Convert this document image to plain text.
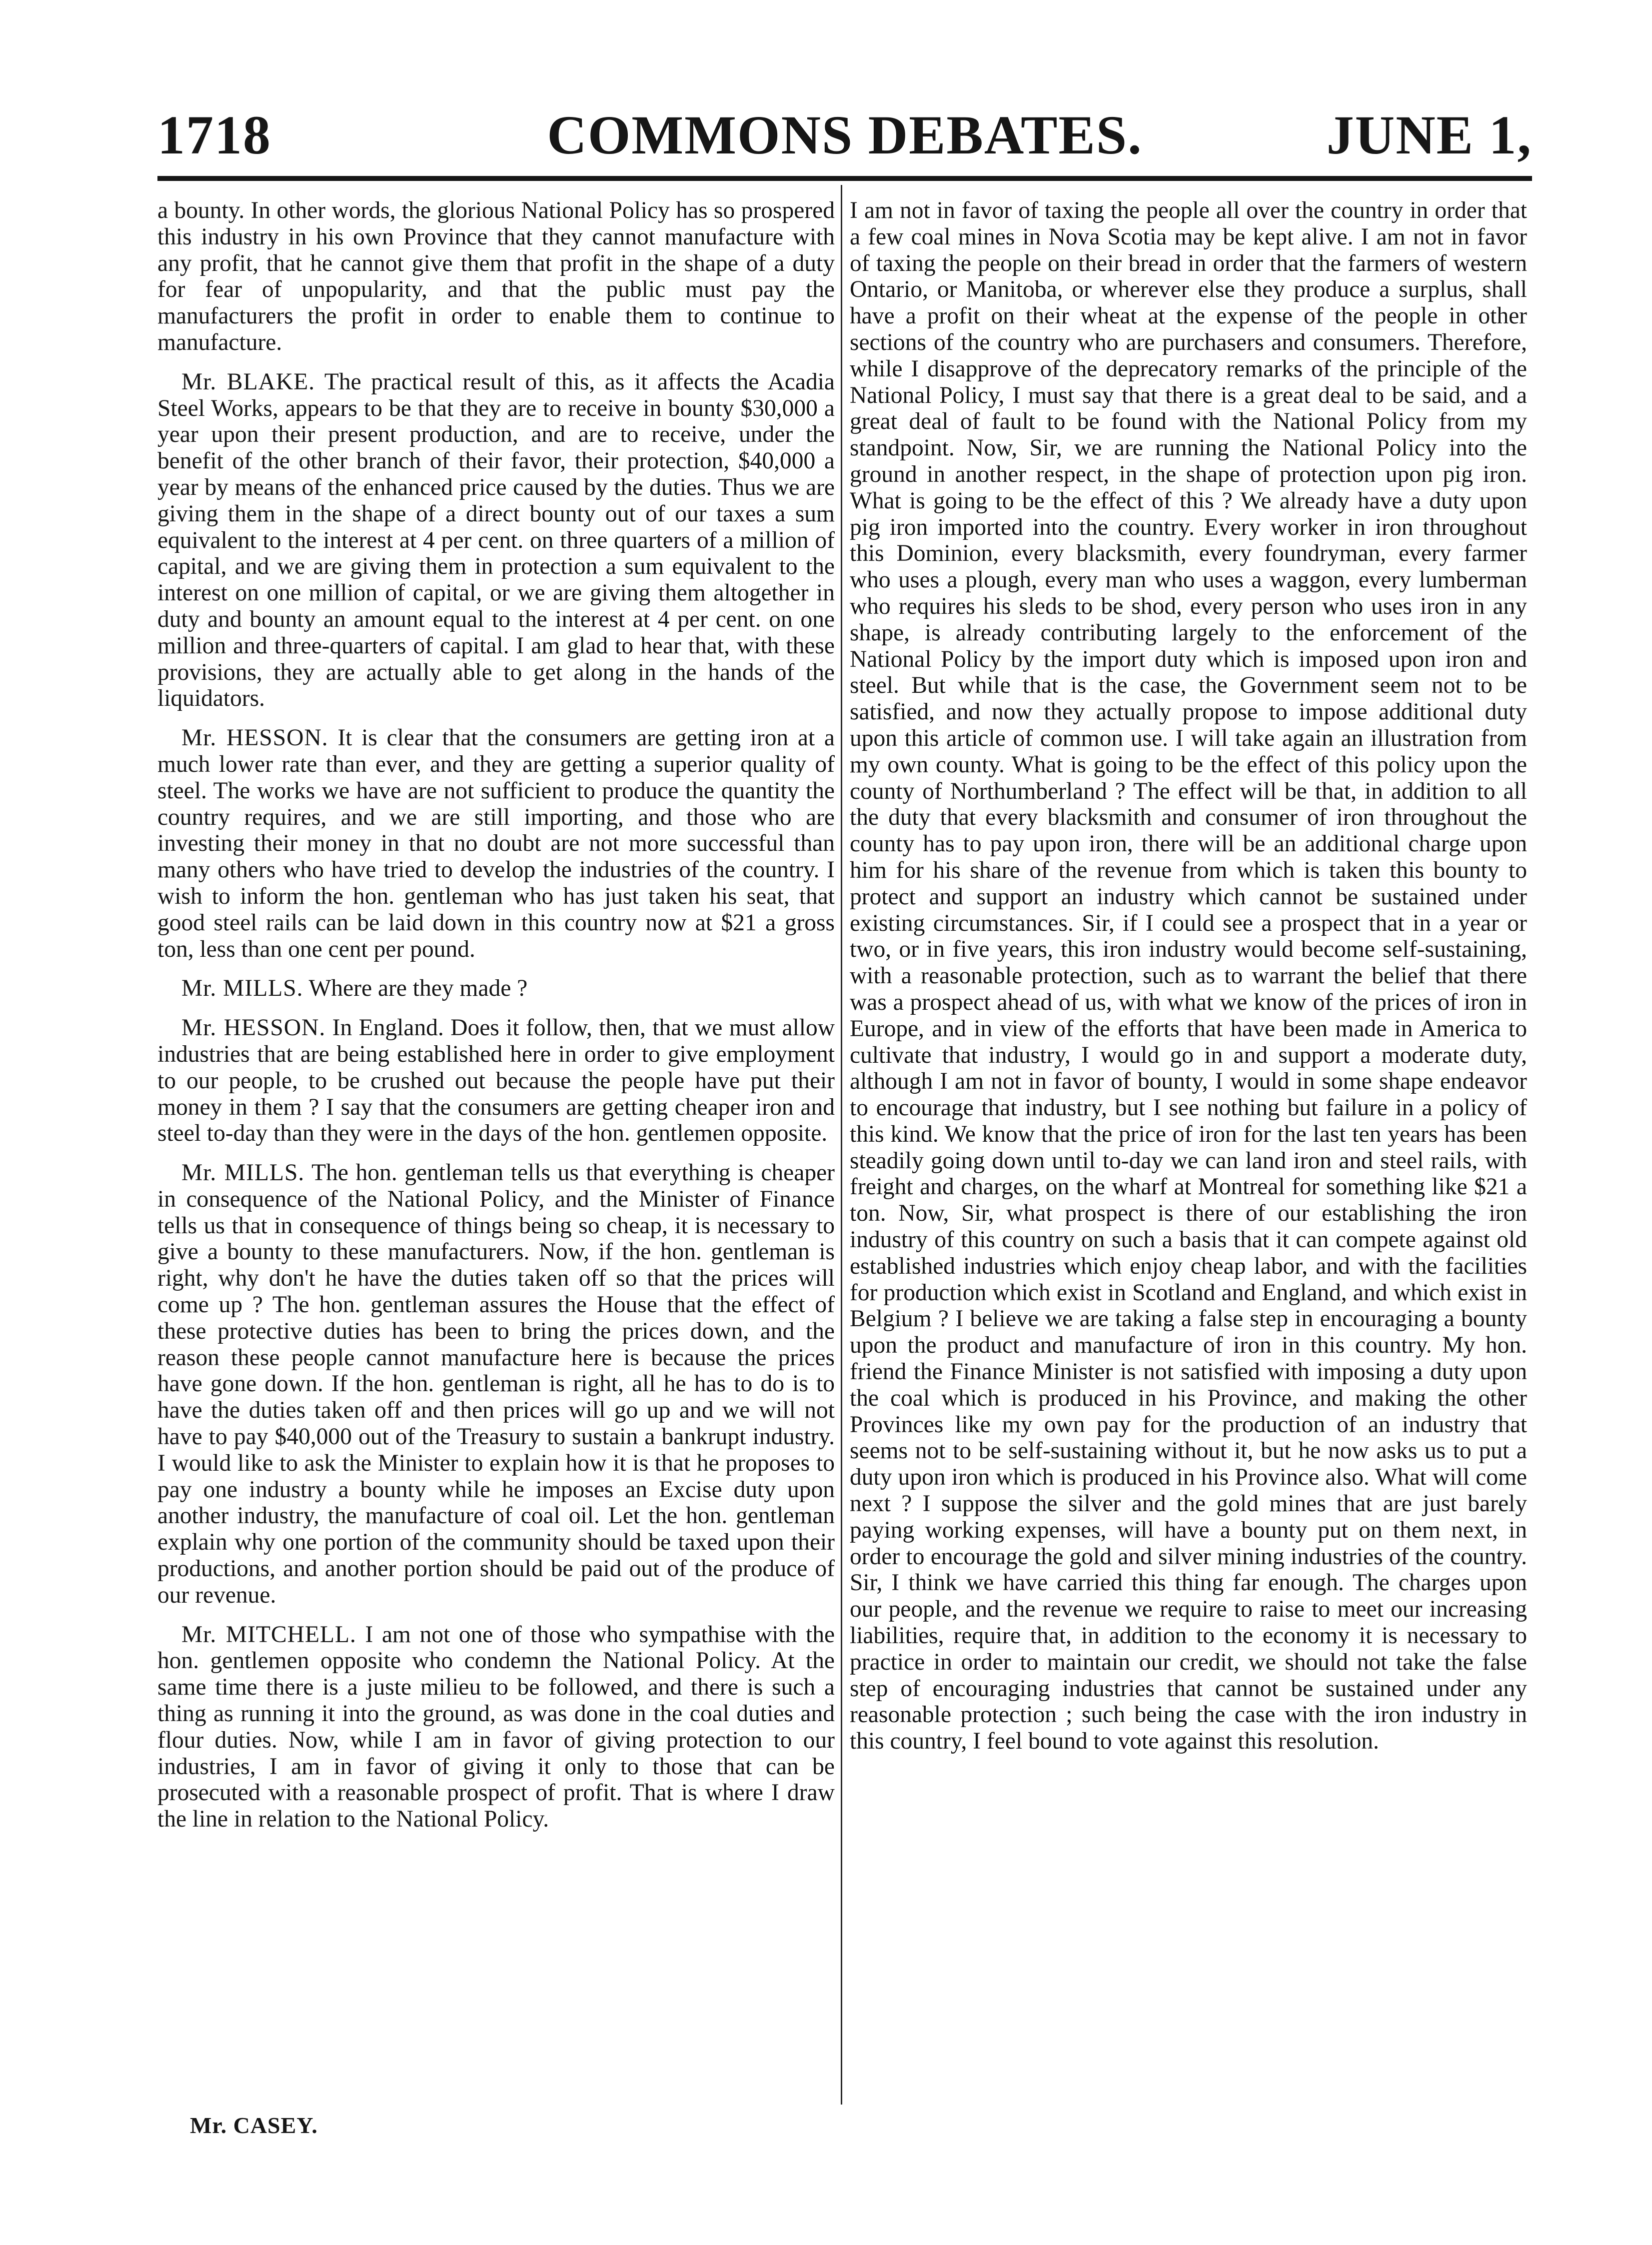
1718	COMMONS DEBATES.	JUNE 1,

a bounty. In other words, the glorious National Policy has so prospered this industry in his own Province that they cannot manufacture with any profit, that he cannot give them that profit in the shape of a duty for fear of unpopularity, and that the public must pay the manufacturers the profit in order to enable them to continue to manufacture.

Mr. BLAKE. The practical result of this, as it affects the Acadia Steel Works, appears to be that they are to receive in bounty $30,000 a year upon their present production, and are to receive, under the benefit of the other branch of their favor, their protection, $40,000 a year by means of the enhanced price caused by the duties. Thus we are giving them in the shape of a direct bounty out of our taxes a sum equivalent to the interest at 4 per cent. on three quarters of a million of capital, and we are giving them in protection a sum equivalent to the interest on one million of capital, or we are giving them altogether in duty and bounty an amount equal to the interest at 4 per cent. on one million and three-quarters of capital. I am glad to hear that, with these provisions, they are actually able to get along in the hands of the liquidators.

Mr. HESSON. It is clear that the consumers are getting iron at a much lower rate than ever, and they are getting a superior quality of steel. The works we have are not sufficient to produce the quantity the country requires, and we are still importing, and those who are investing their money in that no doubt are not more successful than many others who have tried to develop the industries of the country. I wish to inform the hon. gentleman who has just taken his seat, that good steel rails can be laid down in this country now at $21 a gross ton, less than one cent per pound.

Mr. MILLS. Where are they made ?

Mr. HESSON. In England. Does it follow, then, that we must allow industries that are being established here in order to give employment to our people, to be crushed out because the people have put their money in them ? I say that the consumers are getting cheaper iron and steel to-day than they were in the days of the hon. gentlemen opposite.

Mr. MILLS. The hon. gentleman tells us that everything is cheaper in consequence of the National Policy, and the Minister of Finance tells us that in consequence of things being so cheap, it is necessary to give a bounty to these manufacturers. Now, if the hon. gentleman is right, why don't he have the duties taken off so that the prices will come up ? The hon. gentleman assures the House that the effect of these protective duties has been to bring the prices down, and the reason these people cannot manufacture here is because the prices have gone down. If the hon. gentleman is right, all he has to do is to have the duties taken off and then prices will go up and we will not have to pay $40,000 out of the Treasury to sustain a bankrupt industry. I would like to ask the Minister to explain how it is that he proposes to pay one industry a bounty while he imposes an Excise duty upon another industry, the manufacture of coal oil. Let the hon. gentleman explain why one portion of the community should be taxed upon their productions, and another portion should be paid out of the produce of our revenue.

Mr. MITCHELL. I am not one of those who sympathise with the hon. gentlemen opposite who condemn the National Policy. At the same time there is a juste milieu to be followed, and there is such a thing as running it into the ground, as was done in the coal duties and flour duties. Now, while I am in favor of giving protection to our industries, I am in favor of giving it only to those that can be prosecuted with a reasonable prospect of profit. That is where I draw the line in relation to the National Policy.

I am not in favor of taxing the people all over the country in order that a few coal mines in Nova Scotia may be kept alive. I am not in favor of taxing the people on their bread in order that the farmers of western Ontario, or Manitoba, or wherever else they produce a surplus, shall have a profit on their wheat at the expense of the people in other sections of the country who are purchasers and consumers. Therefore, while I disapprove of the deprecatory remarks of the principle of the National Policy, I must say that there is a great deal to be said, and a great deal of fault to be found with the National Policy from my standpoint. Now, Sir, we are running the National Policy into the ground in another respect, in the shape of protection upon pig iron. What is going to be the effect of this ? We already have a duty upon pig iron imported into the country. Every worker in iron throughout this Dominion, every blacksmith, every foundryman, every farmer who uses a plough, every man who uses a waggon, every lumberman who requires his sleds to be shod, every person who uses iron in any shape, is already contributing largely to the enforcement of the National Policy by the import duty which is imposed upon iron and steel. But while that is the case, the Government seem not to be satisfied, and now they actually propose to impose additional duty upon this article of common use. I will take again an illustration from my own county. What is going to be the effect of this policy upon the county of Northumberland ? The effect will be that, in addition to all the duty that every blacksmith and consumer of iron throughout the county has to pay upon iron, there will be an additional charge upon him for his share of the revenue from which is taken this bounty to protect and support an industry which cannot be sustained under existing circumstances. Sir, if I could see a prospect that in a year or two, or in five years, this iron industry would become self-sustaining, with a reasonable protection, such as to warrant the belief that there was a prospect ahead of us, with what we know of the prices of iron in Europe, and in view of the efforts that have been made in America to cultivate that industry, I would go in and support a moderate duty, although I am not in favor of bounty, I would in some shape endeavor to encourage that industry, but I see nothing but failure in a policy of this kind. We know that the price of iron for the last ten years has been steadily going down until to-day we can land iron and steel rails, with freight and charges, on the wharf at Montreal for something like $21 a ton. Now, Sir, what prospect is there of our establishing the iron industry of this country on such a basis that it can compete against old established industries which enjoy cheap labor, and with the facilities for production which exist in Scotland and England, and which exist in Belgium ? I believe we are taking a false step in encouraging a bounty upon the product and manufacture of iron in this country. My hon. friend the Finance Minister is not satisfied with imposing a duty upon the coal which is produced in his Province, and making the other Provinces like my own pay for the production of an industry that seems not to be self-sustaining without it, but he now asks us to put a duty upon iron which is produced in his Province also. What will come next ? I suppose the silver and the gold mines that are just barely paying working expenses, will have a bounty put on them next, in order to encourage the gold and silver mining industries of the country. Sir, I think we have carried this thing far enough. The charges upon our people, and the revenue we require to raise to meet our increasing liabilities, require that, in addition to the economy it is necessary to practice in order to maintain our credit, we should not take the false step of encouraging industries that cannot be sustained under any reasonable protection ; such being the case with the iron industry in this country, I feel bound to vote against this resolution.

Mr. CASEY.
